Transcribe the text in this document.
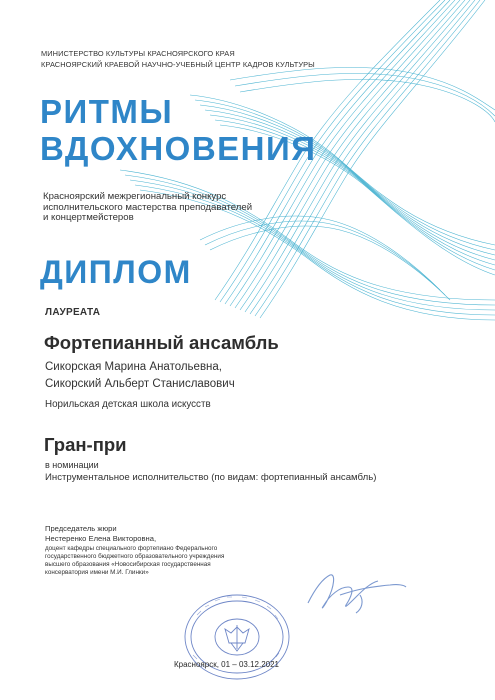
МИНИСТЕРСТВО КУЛЬТУРЫ КРАСНОЯРСКОГО КРАЯ

КРАСНОЯРСКИЙ КРАЕВОЙ НАУЧНО-УЧЕБНЫЙ ЦЕНТР КАДРОВ КУЛЬТУРЫ

РИТМЫ
ВДОХНОВЕНИЯ
Красноярский межрегиональный конкурс
исполнительского мастерства преподавателей
и концертмейстеров
ДИПЛОМ

ЛАУРЕАТА

Фортепианный ансамбль

Сикорская Марина Анатольевна,
Сикорский Альберт Станиславович

Норильская детская школа искусств

Гран-при

в номинации

Инструментальное исполнительство (по видам: фортепианный ансамбль)

Председатель жюри

Нестеренко Елена Викторовна,

доцент кафедры специального фортепиано Федерального
государственного бюджетного образовательного учреждения
высшего образования «Новосибирская государственная
консерватория имени М.И. Глинки»

Красноярск, 01 – 03.12.2021
